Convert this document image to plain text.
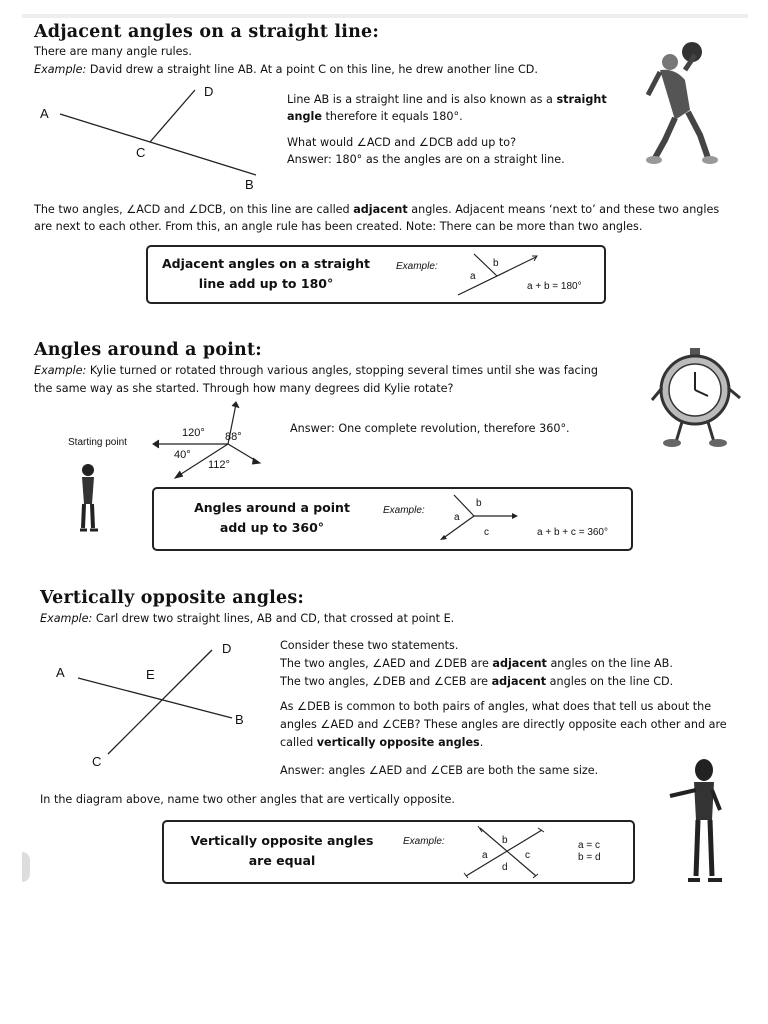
Adjacent angles on a straight line:
There are many angle rules.
Example: David drew a straight line AB. At a point C on this line, he drew another line CD.
A
D
C
B
Line AB is a straight line and is also known as a straight
angle therefore it equals 180°.
What would ∠ACD and ∠DCB add up to?
Answer: 180° as the angles are on a straight line.
The two angles, ∠ACD and ∠DCB, on this line are called adjacent angles. Adjacent means ‘next to’ and these two angles
are next to each other. From this, an angle rule has been created. Note: There can be more than two angles.
Adjacent angles on a straight
line add up to 180°
Example:
a
b
a + b = 180°
Angles around a point:
Example: Kylie turned or rotated through various angles, stopping several times until she was facing
the same way as she started. Through how many degrees did Kylie rotate?
Starting point
120° 88°
40°
112°
Answer: One complete revolution, therefore 360°.
Angles around a point
add up to 360°
Example:
a
b
c	a + b + c = 360°
Vertically opposite angles:
Example: Carl drew two straight lines, AB and CD, that crossed at point E.
A
D
E
B
C
Consider these two statements.
The two angles, ∠AED and ∠DEB are adjacent angles on the line AB.
The two angles, ∠DEB and ∠CEB are adjacent angles on the line CD.
As ∠DEB is common to both pairs of angles, what does that tell us about the
angles ∠AED and ∠CEB? These angles are directly opposite each other and are
called vertically opposite angles.
Answer: angles ∠AED and ∠CEB are both the same size.
In the diagram above, name two other angles that are vertically opposite.
Vertically opposite angles
are equal
Example:
a
b
c
d
a = c
b = d
